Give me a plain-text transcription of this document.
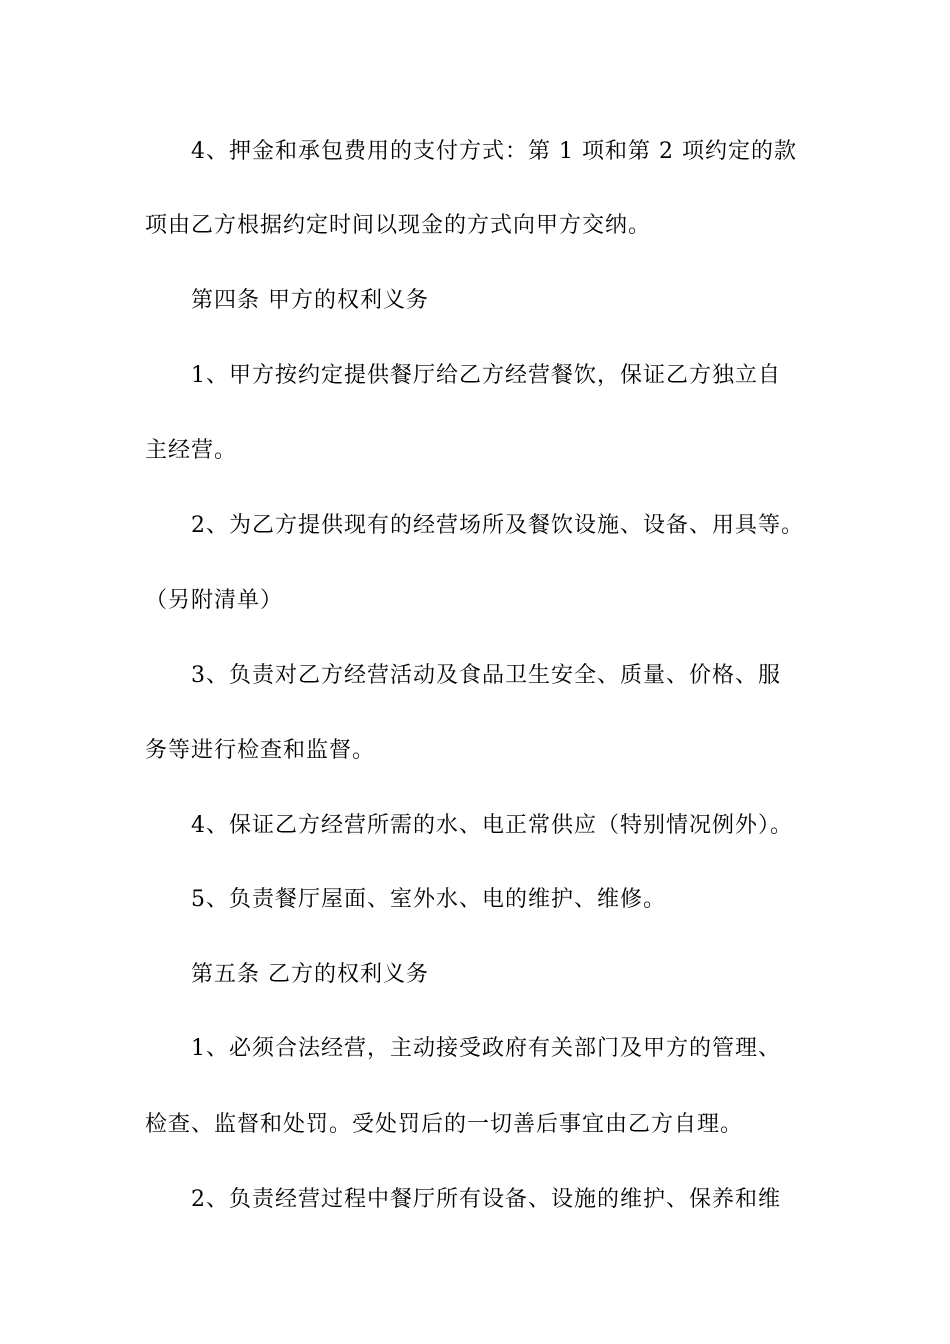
4、押金和承包费用的支付方式：第 1 项和第 2 项约定的款
项由乙方根据约定时间以现金的方式向甲方交纳。
第四条 甲方的权利义务
1、甲方按约定提供餐厅给乙方经营餐饮，保证乙方独立自
主经营。
2、为乙方提供现有的经营场所及餐饮设施、设备、用具等。
（另附清单）
3、负责对乙方经营活动及食品卫生安全、质量、价格、服
务等进行检查和监督。
4、保证乙方经营所需的水、电正常供应（特别情况例外）。
5、负责餐厅屋面、室外水、电的维护、维修。
第五条 乙方的权利义务
1、必须合法经营，主动接受政府有关部门及甲方的管理、
检查、监督和处罚。受处罚后的一切善后事宜由乙方自理。
2、负责经营过程中餐厅所有设备、设施的维护、保养和维
